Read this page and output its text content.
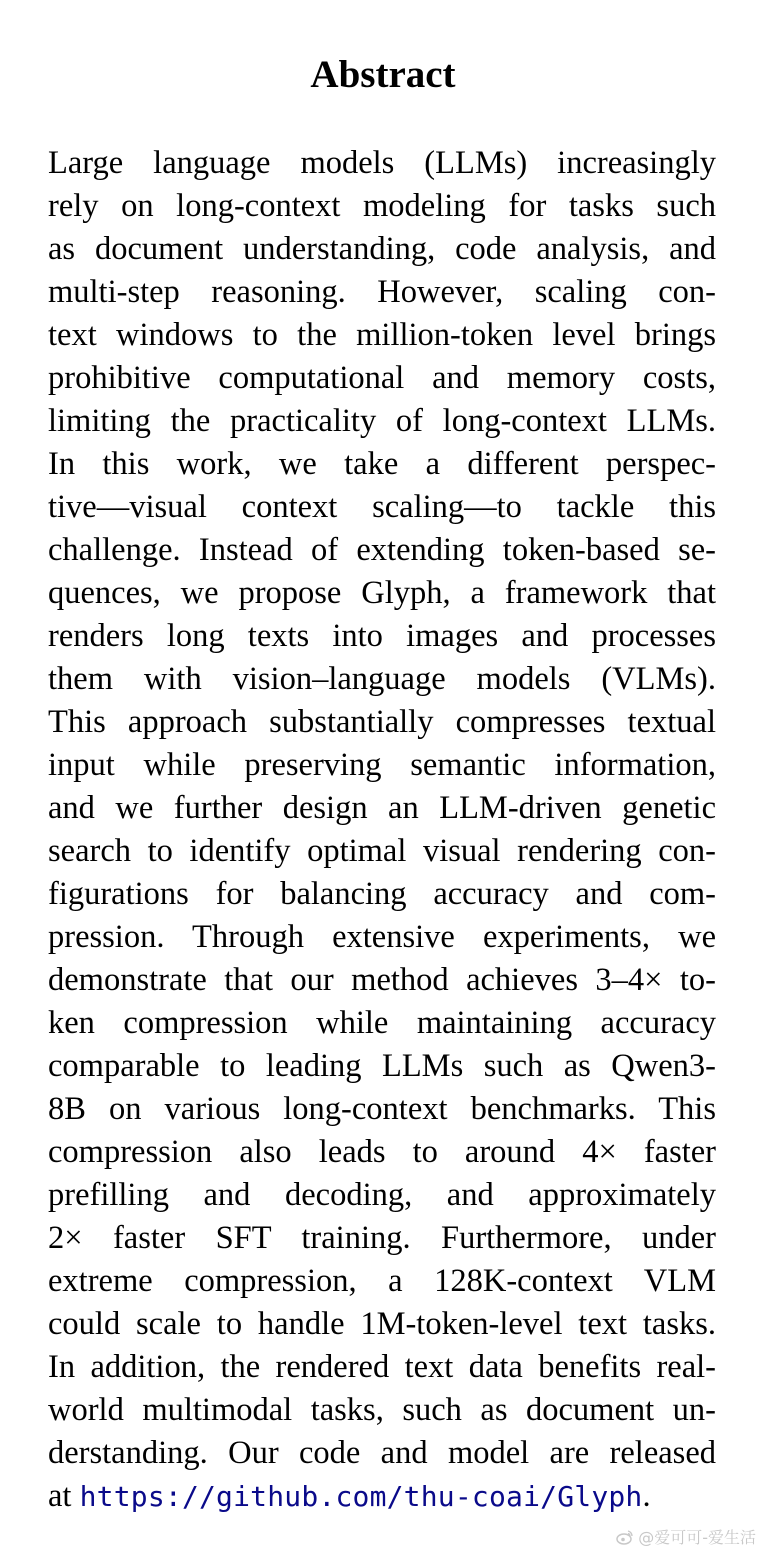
Abstract
Large language models (LLMs) increasingly
rely on long-context modeling for tasks such
as document understanding, code analysis, and
multi-step reasoning. However, scaling con-
text windows to the million-token level brings
prohibitive computational and memory costs,
limiting the practicality of long-context LLMs.
In this work, we take a different perspec-
tive—visual context scaling—to tackle this
challenge. Instead of extending token-based se-
quences, we propose Glyph, a framework that
renders long texts into images and processes
them with vision–language models (VLMs).
This approach substantially compresses textual
input while preserving semantic information,
and we further design an LLM-driven genetic
search to identify optimal visual rendering con-
figurations for balancing accuracy and com-
pression. Through extensive experiments, we
demonstrate that our method achieves 3–4× to-
ken compression while maintaining accuracy
comparable to leading LLMs such as Qwen3-
8B on various long-context benchmarks. This
compression also leads to around 4× faster
prefilling and decoding, and approximately
2× faster SFT training. Furthermore, under
extreme compression, a 128K-context VLM
could scale to handle 1M-token-level text tasks.
In addition, the rendered text data benefits real-
world multimodal tasks, such as document un-
derstanding. Our code and model are released
at https://github.com/thu-coai/Glyph.
@爱可可-爱生活
